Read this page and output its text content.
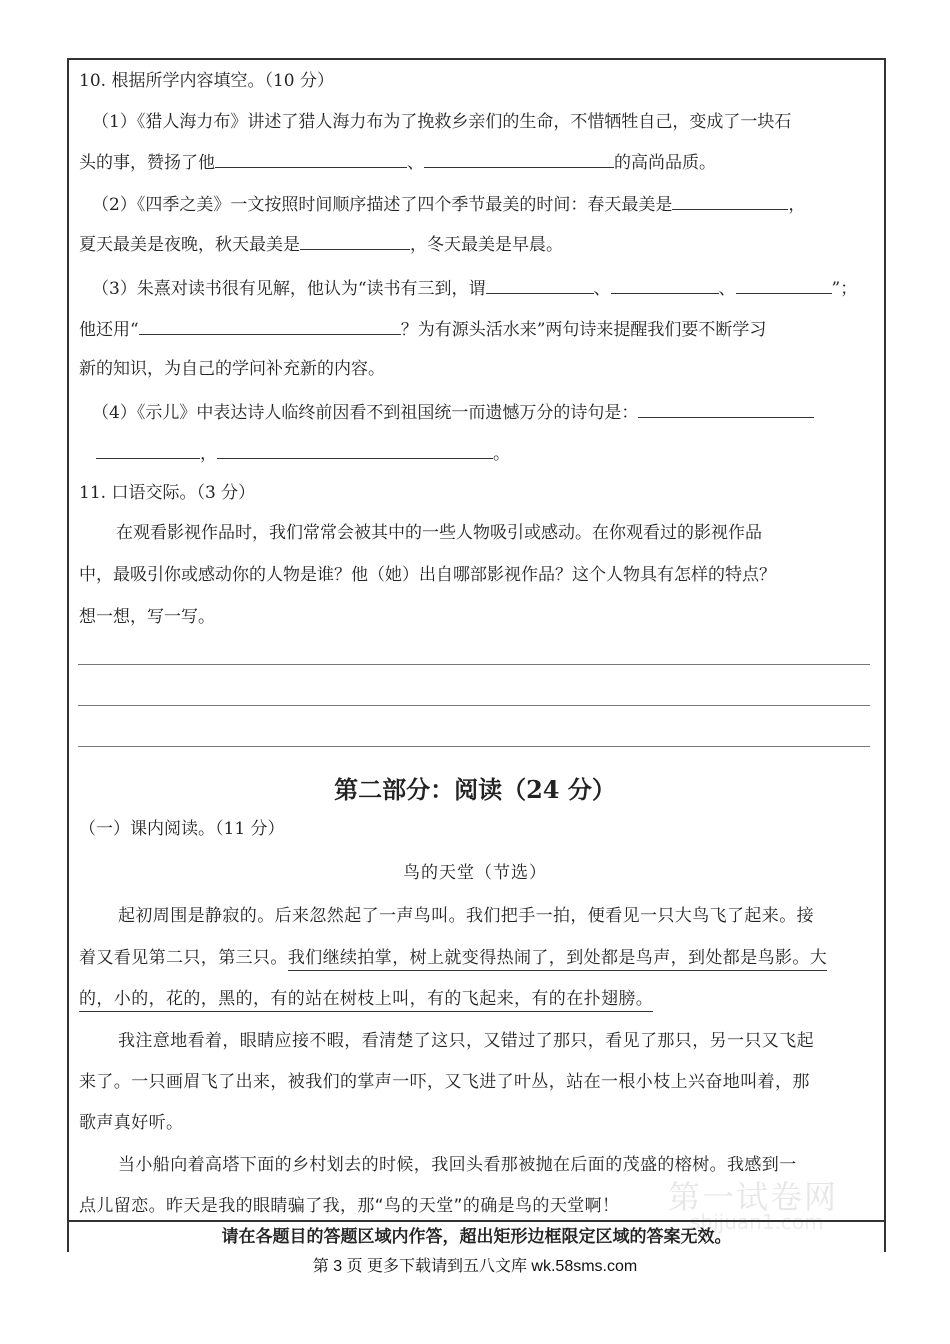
10. 根据所学内容填空。（10 分）
（1）《猎人海力布》讲述了猎人海力布为了挽救乡亲们的生命，不惜牺牲自己，变成了一块石
头的事，赞扬了他	、	的高尚品质。
（2）《四季之美》一文按照时间顺序描述了四个季节最美的时间：春天最美是	，
夏天最美是夜晚，秋天最美是	，冬天最美是早晨。
（3）朱熹对读书很有见解，他认为“读书有三到，谓	、	、	”；
他还用“	？为有源头活水来”两句诗来提醒我们要不断学习
新的知识，为自己的学问补充新的内容。
（4）《示儿》中表达诗人临终前因看不到祖国统一而遗憾万分的诗句是：
，	。
11. 口语交际。（3 分）
在观看影视作品时，我们常常会被其中的一些人物吸引或感动。在你观看过的影视作品
中，最吸引你或感动你的人物是谁？他（她）出自哪部影视作品？这个人物具有怎样的特点？
想一想，写一写。
第二部分：阅读（24 分）
（一）课内阅读。（11 分）
鸟的天堂（节选）
起初周围是静寂的。后来忽然起了一声鸟叫。我们把手一拍，便看见一只大鸟飞了起来。接
着又看见第二只，第三只。我们继续拍掌，树上就变得热闹了，到处都是鸟声，到处都是鸟影。大
的，小的，花的，黑的，有的站在树枝上叫，有的飞起来，有的在扑翅膀。
我注意地看着，眼睛应接不暇，看清楚了这只，又错过了那只，看见了那只，另一只又飞起
来了。一只画眉飞了出来，被我们的掌声一吓，又飞进了叶丛，站在一根小枝上兴奋地叫着，那
歌声真好听。
当小船向着高塔下面的乡村划去的时候，我回头看那被抛在后面的茂盛的榕树。我感到一
点儿留恋。昨天是我的眼睛骗了我，那“鸟的天堂”的确是鸟的天堂啊！ 第一试卷网
shijuan1.com
请在各题目的答题区域内作答，超出矩形边框限定区域的答案无效。
第 3 页 更多下载请到五八文库 wk.58sms.com
